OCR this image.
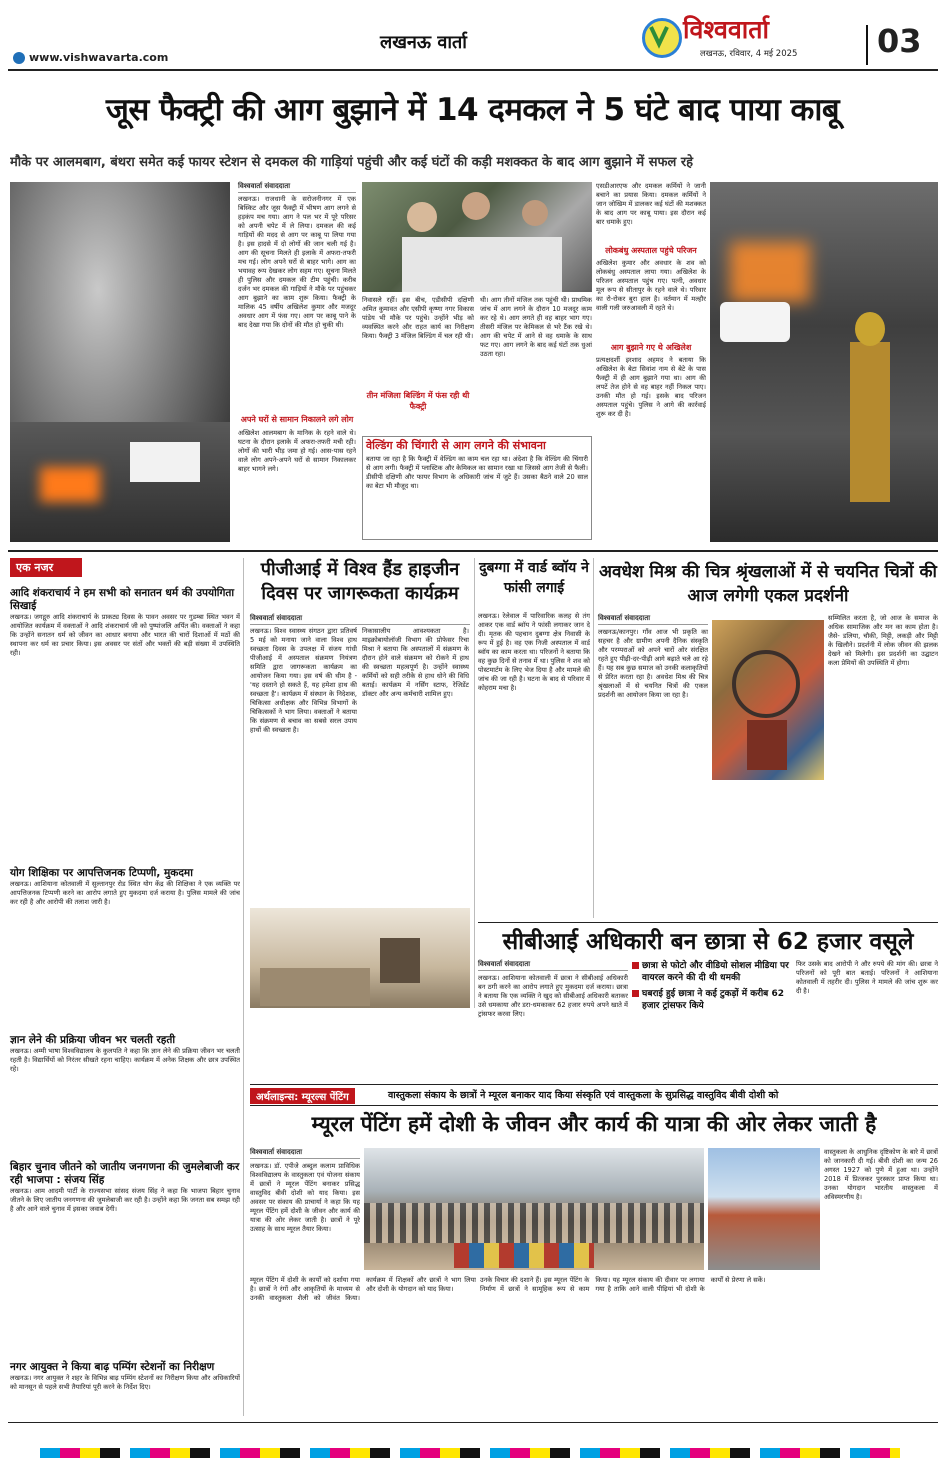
www.vishwavarta.com
लखनऊ वार्ता	विश्ववार्ता
लखनऊ, रविवार, 4 मई 2025 03
जूस फैक्ट्री की आग बुझाने में 14 दमकल ने 5 घंटे बाद पाया काबू
मौके पर आलमबाग, बंथरा समेत कई फायर स्टेशन से दमकल की गाड़ियां पहुंची और कई घंटों की कड़ी मशक्कत के बाद आग बुझाने में सफल रहे
विश्ववार्ता संवाददाता
लखनऊ। राजधानी के सरोजनीनगर में एक बिस्किट और जूस फैक्ट्री में भीषण आग लगने से हड़कंप मच गया। आग ने पल भर में पूरे परिसर को अपनी चपेट में ले लिया। दमकल की कई गाड़ियों की मदद से आग पर काबू पा लिया गया है। इस हादसे में दो लोगों की जान चली गई है। आग की सूचना मिलते ही इलाके में अफरा-तफरी मच गई। लोग अपने घरों से बाहर भागे। आग का भयावह रूप देखकर लोग सहम गए। सूचना मिलते ही पुलिस और दमकल की टीम पहुंची। करीब दर्जन भर दमकल की गाड़ियों ने मौके पर पहुंचकर आग बुझाने का काम शुरू किया। फैक्ट्री के मालिक 45 वर्षीय अखिलेश कुमार और मजदूर अवधार आग में फंस गए। आग पर काबू पाने के बाद देखा गया कि दोनों की मौत हो चुकी थी।
अपने घरों से सामान निकालने लगे लोग
अखिलेश आलमबाग के मानिक के रहने वाले थे। घटना के दौरान इलाके में अफरा-तफरी मची रही। लोगों की भारी भीड़ जमा हो गई। आस-पास रहने वाले लोग अपने-अपने घरों से सामान निकालकर बाहर भागने लगे।
निवासले रहीं। इस बीच, एडीसीपी दक्षिणी अमित कुमावत और एसीपी कृष्णा नगर विकास पांडेय भी मौके पर पहुंचे। उन्होंने भीड़ को व्यवस्थित करने और राहत कार्य का निरीक्षण किया। फैक्ट्री 3 मंजिल बिल्डिंग में चल रही थी।
तीन मंजिला बिल्डिंग में फंस रही थी फैक्ट्री
थी। आग तीनों मंजिल तक पहुंची थी। प्राथमिक जांच में आग लगने के दौरान 10 मजदूर काम कर रहे थे। आग लगते ही वह बाहर भाग गए। तीसरी मंजिल पर केमिकल से भरे टैंक रखे थे। आग की चपेट में आने से वह धमाके के साथ फट गए। आग लगने के बाद कई घंटों तक धुआं उठता रहा।
वेल्डिंग की चिंगारी से आग लगने की संभावना
बताया जा रहा है कि फैक्ट्री में वेल्डिंग का काम चल रहा था। अंदेशा है कि वेल्डिंग की चिंगारी से आग लगी। फैक्ट्री में प्लास्टिक और केमिकल का सामान रखा था जिससे आग तेजी से फैली। डीसीपी दक्षिणी और फायर विभाग के अधिकारी जांच में जुटे हैं। उसका बैठने वाले 20 साल का बेटा भी मौजूद था।
एसडीआरएफ और दमकल कर्मियों ने जानी बचाने का प्रयास किया। दमकल कर्मियों ने जान जोखिम में डालकर कई घंटों की मशक्कत के बाद आग पर काबू पाया। इस दौरान कई बार धमाके हुए।
लोकबंधु अस्पताल पहुंचे परिजन
अखिलेश कुमार और अवधार के शव को लोकबंधु अस्पताल लाया गया। अखिलेश के परिजन अस्पताल पहुंच गए। पत्नी, अवधार मूल रूप से सीतापुर के रहने वाले थे। परिवार का रो-रोकर बुरा हाल है। वर्तमान में मल्हौर वाली गली जरुआवली में रहते थे।
आग बुझाने गए थे अखिलेश
प्रत्यक्षदर्शी इरशाद अहमद ने बताया कि अखिलेश के बेटा सिवांश नाम से बेटे के पास फैक्ट्री में ही आग बुझाने गया था। आग की लपटें तेज होने से वह बाहर नहीं निकल पाए। उनकी मौत हो गई। इसके बाद परिजन अस्पताल पहुंचे। पुलिस ने आगे की कार्रवाई शुरू कर दी है।
एक नजर
आदि शंकराचार्य ने हम सभी को सनातन धर्म की उपयोगिता सिखाई
लखनऊ। जगद्गुरु आदि शंकराचार्य के प्राकट्य दिवस के पावन अवसर पर गुडम्बा स्थित भवन में आयोजित कार्यक्रम में वक्ताओं ने आदि शंकराचार्य जी को पुष्पांजलि अर्पित की। वक्ताओं ने कहा कि उन्होंने सनातन धर्म को जीवन का आधार बनाया और भारत की चारों दिशाओं में मठों की स्थापना कर धर्म का प्रचार किया। इस अवसर पर संतों और भक्तों की बड़ी संख्या में उपस्थिति रही।
योग शिक्षिका पर आपत्तिजनक टिप्पणी, मुकदमा
लखनऊ। आशियाना कोतवाली में सुल्तानपुर रोड स्थित योग केंद्र की शिक्षिका ने एक व्यक्ति पर आपत्तिजनक टिप्पणी करने का आरोप लगाते हुए मुकदमा दर्ज कराया है। पुलिस मामले की जांच कर रही है और आरोपी की तलाश जारी है।
ज्ञान लेने की प्रक्रिया जीवन भर चलती रहती
लखनऊ। अम्मी भाषा विश्वविद्यालय के कुलपति ने कहा कि ज्ञान लेने की प्रक्रिया जीवन भर चलती रहती है। विद्यार्थियों को निरंतर सीखते रहना चाहिए। कार्यक्रम में अनेक शिक्षक और छात्र उपस्थित रहे।
बिहार चुनाव जीतने को जातीय जनगणना की जुमलेबाजी कर रही भाजपा : संजय सिंह
लखनऊ। आम आदमी पार्टी के राज्यसभा सांसद संजय सिंह ने कहा कि भाजपा बिहार चुनाव जीतने के लिए जातीय जनगणना की जुमलेबाजी कर रही है। उन्होंने कहा कि जनता सब समझ रही है और आने वाले चुनाव में इसका जवाब देगी।
नगर आयुक्त ने किया बाढ़ पम्पिंग स्टेशनों का निरीक्षण
लखनऊ। नगर आयुक्त ने शहर के विभिन्न बाढ़ पम्पिंग स्टेशनों का निरीक्षण किया और अधिकारियों को मानसून से पहले सभी तैयारियां पूरी करने के निर्देश दिए।
पीजीआई में विश्व हैंड हाइजीन दिवस पर जागरूकता कार्यक्रम
विश्ववार्ता संवाददाता
लखनऊ। विश्व स्वास्थ्य संगठन द्वारा प्रतिवर्ष 5 मई को मनाया जाने वाला विश्व हाथ स्वच्छता दिवस के उपलक्ष में संजय गांधी पीजीआई में अस्पताल संक्रमण नियंत्रण समिति द्वारा जागरूकता कार्यक्रम का आयोजन किया गया। इस वर्ष की थीम है - 'यह दस्ताने हो सकते हैं, यह हमेशा हाथ की स्वच्छता है'। कार्यक्रम में संस्थान के निदेशक, चिकित्सा अधीक्षक और विभिन्न विभागों के चिकित्सकों ने भाग लिया। वक्ताओं ने बताया कि संक्रमण से बचाव का सबसे सरल उपाय हाथों की स्वच्छता है।
निकासालीय आवश्यकता है। माइक्रोबायोलॉजी विभाग की प्रोफेसर रिचा मिश्रा ने बताया कि अस्पतालों में संक्रमण के दौरान होने वाले संक्रमण को रोकने में हाथ की स्वच्छता महत्वपूर्ण है। उन्होंने स्वास्थ्य कर्मियों को सही तरीके से हाथ धोने की विधि बताई। कार्यक्रम में नर्सिंग स्टाफ, रेजिडेंट डॉक्टर और अन्य कर्मचारी शामिल हुए।
दुबग्गा में वार्ड ब्वॉय ने फांसी लगाई
लखनऊ। रेलेवाल में पारिवारिक कलह से तंग आकर एक वार्ड ब्वॉय ने फांसी लगाकर जान दे दी। मृतक की पहचान दुबग्गा क्षेत्र निवासी के रूप में हुई है। वह एक निजी अस्पताल में वार्ड ब्वॉय का काम करता था। परिजनों ने बताया कि वह कुछ दिनों से तनाव में था। पुलिस ने शव को पोस्टमार्टम के लिए भेज दिया है और मामले की जांच की जा रही है। घटना के बाद से परिवार में कोहराम मचा है।
अवधेश मिश्र की चित्र श्रृंखलाओं में से चयनित चित्रों की आज लगेगी एकल प्रदर्शनी
विश्ववार्ता संवाददाता
लखनऊ/कानपुर। गाँव आज भी प्रकृति का सहचर है और ग्रामीण अपनी दैनिक संस्कृति और परम्पराओं को अपने चारों ओर संरक्षित रहते हुए पीढ़ी-दर-पीढ़ी आगे बढ़ाते चले आ रहे हैं। यह सब कुछ समाज को उनकी कलाकृतियों से प्रेरित करता रहा है। अवधेश मिश्र की चित्र श्रृंखलाओं में से चयनित चित्रों की एकल प्रदर्शनी का आयोजन किया जा रहा है।
सम्मिलित करता है, जो आज के समाज के अधिक सामाजिक और मन का काम होता है। जैसे- डलिया, चौकी, मिट्टी, लकड़ी और मिट्टी के खिलौने। प्रदर्शनी में लोक जीवन की झलक देखने को मिलेगी। इस प्रदर्शनी का उद्घाटन कला प्रेमियों की उपस्थिति में होगा।
सीबीआई अधिकारी बन छात्रा से 62 हजार वसूले
विश्ववार्ता संवाददाता
लखनऊ। आशियाना कोतवाली में छात्रा ने सीबीआई अधिकारी बन ठगी करने का आरोप लगाते हुए मुकदमा दर्ज कराया। छात्रा ने बताया कि एक व्यक्ति ने खुद को सीबीआई अधिकारी बताकर उसे धमकाया और डरा-धमकाकर 62 हजार रुपये अपने खाते में ट्रांसफर करवा लिए।
छात्रा से फोटो और वीडियो सोशल मीडिया पर वायरल करने की दी थी धमकी
घबराई हुई छात्रा ने कई टुकड़ों में करीब 62 हजार ट्रांसफर किये
फिर उसके बाद आरोपी ने और रुपये की मांग की। छात्रा ने परिजनों को पूरी बात बताई। परिजनों ने आशियाना कोतवाली में तहरीर दी। पुलिस ने मामले की जांच शुरू कर दी है।
अर्थलाइन्स: म्यूरल्स पेंटिंग	वास्तुकला संकाय के छात्रों ने म्यूरल बनाकर याद किया संस्कृति एवं वास्तुकला के सुप्रसिद्ध वास्तुविद बीवी दोशी को
म्यूरल पेंटिंग हमें दोशी के जीवन और कार्य की यात्रा की ओर लेकर जाती है
विश्ववार्ता संवाददाता
लखनऊ। डॉ. एपीजे अब्दुल कलाम प्राविधिक विश्वविद्यालय के वास्तुकला एवं योजना संकाय में छात्रों ने म्यूरल पेंटिंग बनाकर प्रसिद्ध वास्तुविद बीवी दोशी को याद किया। इस अवसर पर संकाय की प्राचार्या ने कहा कि यह म्यूरल पेंटिंग हमें दोशी के जीवन और कार्य की यात्रा की ओर लेकर जाती है। छात्रों ने पूरे उत्साह के साथ म्यूरल तैयार किया।
वास्तुकला के आधुनिक दृष्टिकोण के बारे में छात्रों को जानकारी दी गई। बीवी दोशी का जन्म 26 अगस्त 1927 को पुणे में हुआ था। उन्होंने 2018 में प्रित्जकर पुरस्कार प्राप्त किया था। उनका योगदान भारतीय वास्तुकला में अविस्मरणीय है।
म्यूरल पेंटिंग में दोशी के कार्यों को दर्शाया गया है। छात्रों ने रंगों और आकृतियों के माध्यम से उनकी वास्तुकला शैली को जीवंत किया। कार्यक्रम में शिक्षकों और छात्रों ने भाग लिया और दोशी के योगदान को याद किया।
उनके विचार की दशाने हैं। इस म्यूरल पेंटिंग के निर्माण में छात्रों ने सामूहिक रूप से काम किया। यह म्यूरल संकाय की दीवार पर लगाया गया है ताकि आने वाली पीढ़ियां भी दोशी के कार्यों से प्रेरणा ले सकें।
